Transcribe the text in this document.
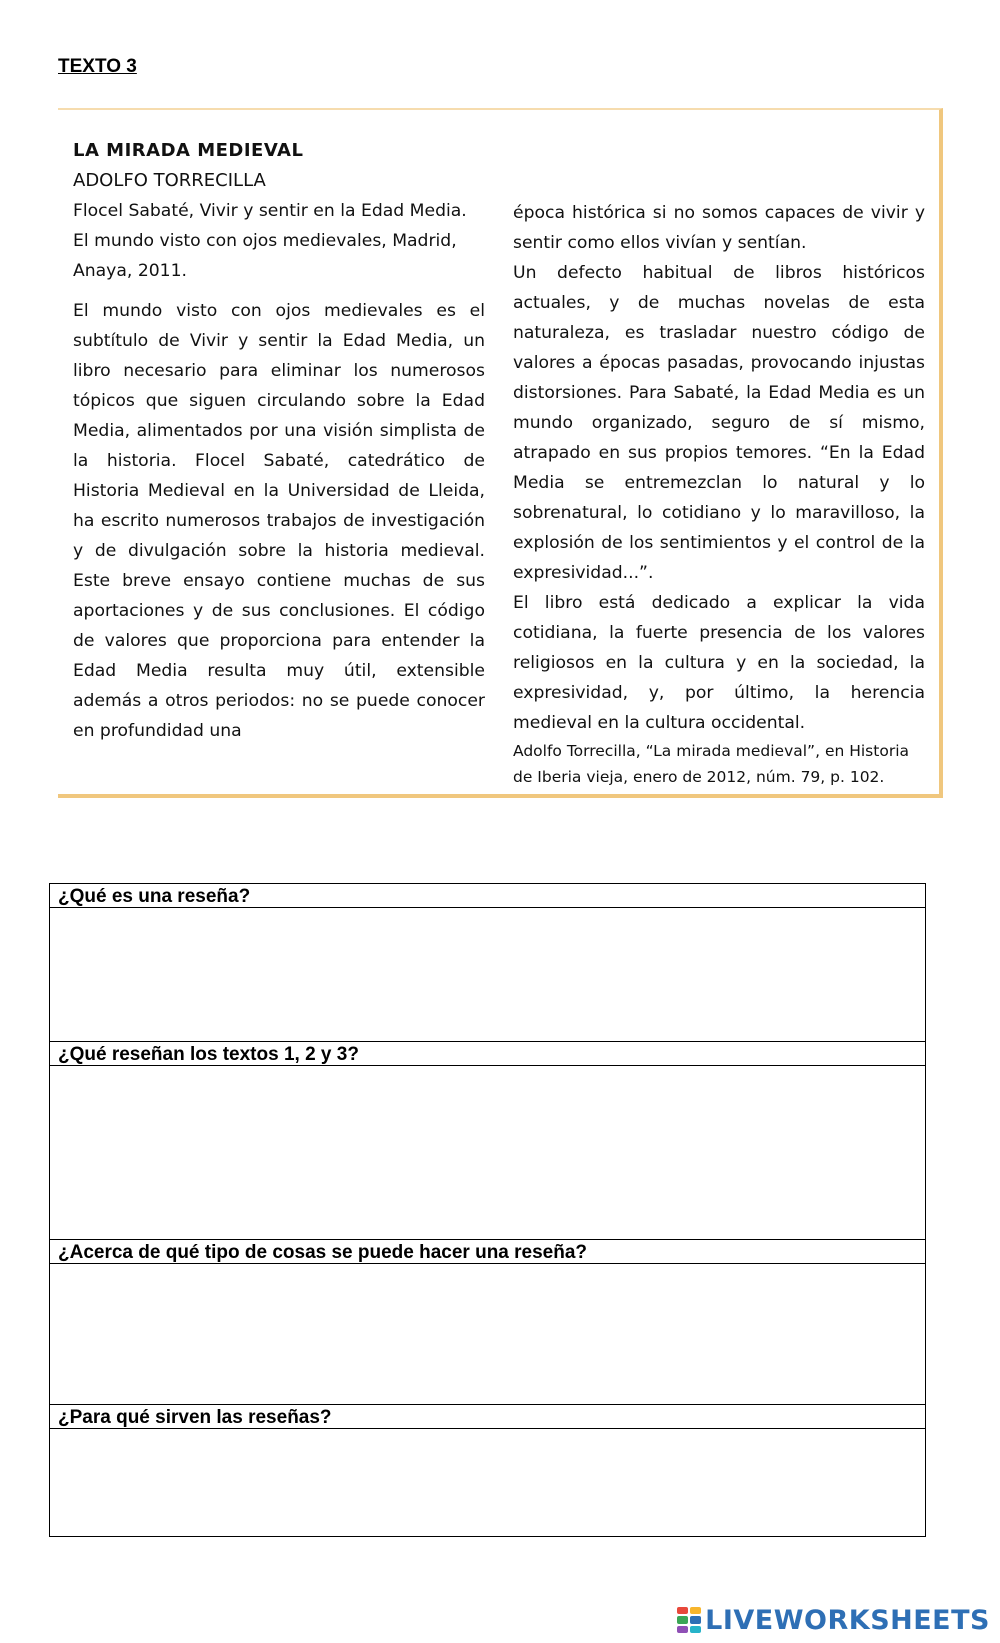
TEXTO 3

LA MIRADA MEDIEVAL

ADOLFO TORRECILLA

Flocel Sabaté, Vivir y sentir en la Edad Media. El mundo visto con ojos medievales, Madrid, Anaya, 2011.

El mundo visto con ojos medievales es el subtítulo de Vivir y sentir la Edad Media, un libro necesario para eliminar los numerosos tópicos que siguen circulando sobre la Edad Media, alimentados por una visión simplista de la historia. Flocel Sabaté, catedrático de Historia Medieval en la Universidad de Lleida, ha escrito numerosos trabajos de investigación y de divulgación sobre la historia medieval. Este breve ensayo contiene muchas de sus aportaciones y de sus conclusiones. El código de valores que proporciona para entender la Edad Media resulta muy útil, extensible además a otros periodos: no se puede conocer en profundidad una

época histórica si no somos capaces de vivir y sentir como ellos vivían y sentían.

Un defecto habitual de libros históricos actuales, y de muchas novelas de esta naturaleza, es trasladar nuestro código de valores a épocas pasadas, provocando injustas distorsiones. Para Sabaté, la Edad Media es un mundo organizado, seguro de sí mismo, atrapado en sus propios temores. “En la Edad Media se entremezclan lo natural y lo sobrenatural, lo cotidiano y lo maravilloso, la explosión de los sentimientos y el control de la expresividad...”.

El libro está dedicado a explicar la vida cotidiana, la fuerte presencia de los valores religiosos en la cultura y en la sociedad, la expresividad, y, por último, la herencia medieval en la cultura occidental.

Adolfo Torrecilla, “La mirada medieval”, en Historia
de Iberia vieja, enero de 2012, núm. 79, p. 102.

¿Qué es una reseña?
¿Qué reseñan los textos 1, 2 y 3?
¿Acerca de qué tipo de cosas se puede hacer una reseña?
¿Para qué sirven las reseñas?
LIVEWORKSHEETS
